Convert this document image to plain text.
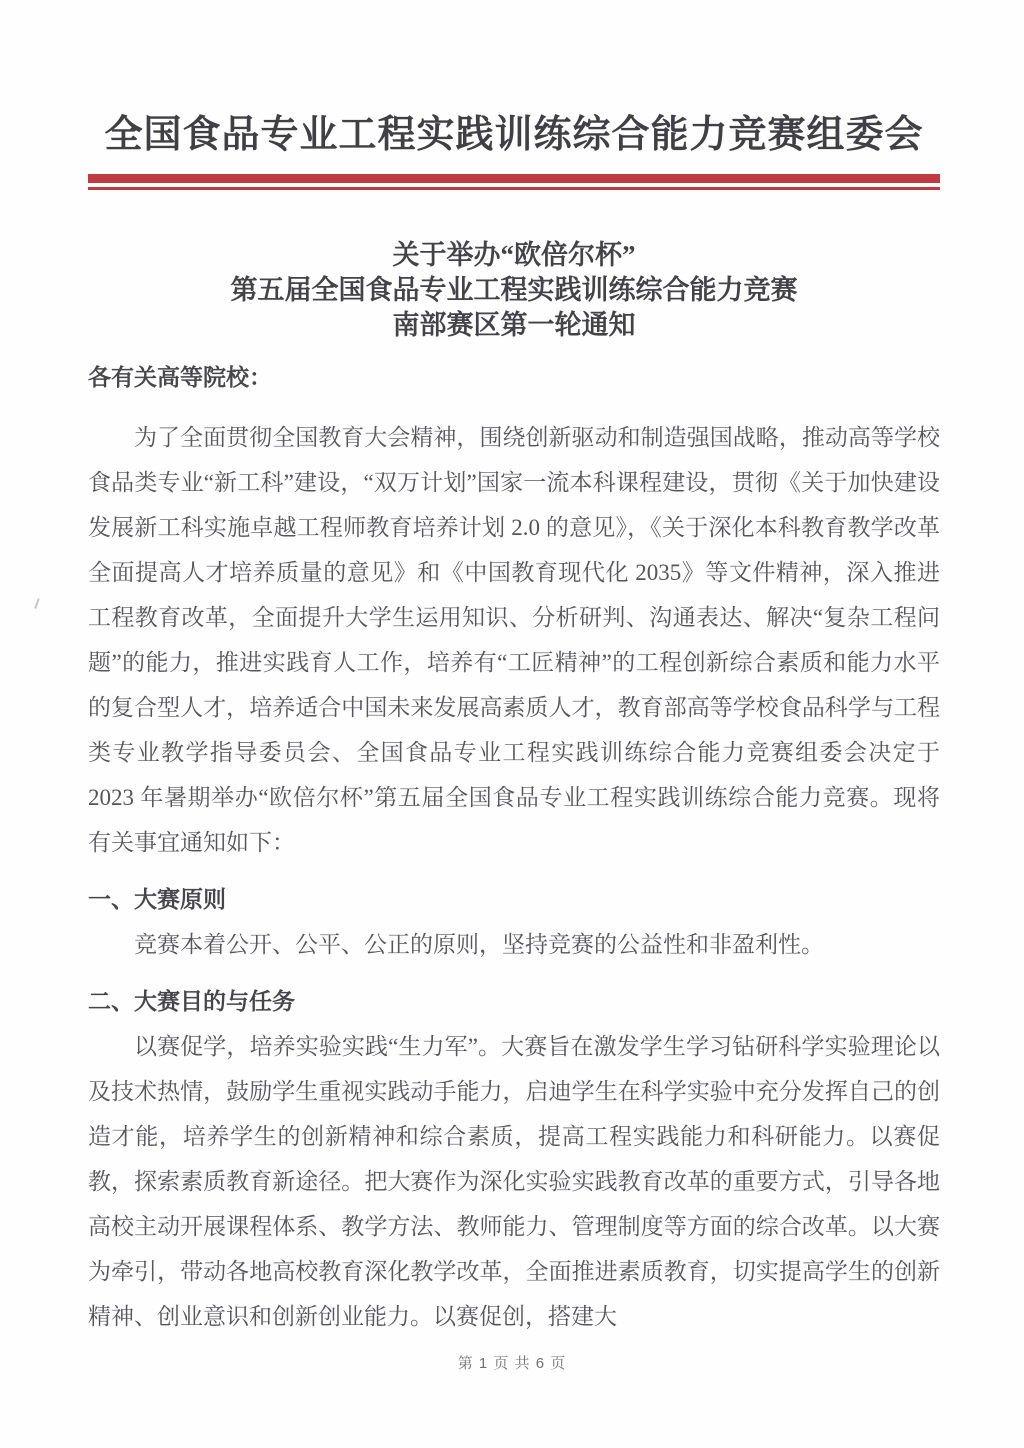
全国食品专业工程实践训练综合能力竞赛组委会
关于举办“欧倍尔杯”
第五届全国食品专业工程实践训练综合能力竞赛
南部赛区第一轮通知

各有关高等院校：

为了全面贯彻全国教育大会精神，围绕创新驱动和制造强国战略，推动高等学校食品类专业“新工科”建设，“双万计划”国家一流本科课程建设，贯彻《关于加快建设发展新工科实施卓越工程师教育培养计划 2.0 的意见》，《关于深化本科教育教学改革全面提高人才培养质量的意见》和《中国教育现代化 2035》等文件精神，深入推进工程教育改革，全面提升大学生运用知识、分析研判、沟通表达、解决“复杂工程问题”的能力，推进实践育人工作，培养有“工匠精神”的工程创新综合素质和能力水平的复合型人才，培养适合中国未来发展高素质人才，教育部高等学校食品科学与工程类专业教学指导委员会、全国食品专业工程实践训练综合能力竞赛组委会决定于 2023 年暑期举办“欧倍尔杯”第五届全国食品专业工程实践训练综合能力竞赛。现将有关事宜通知如下：

一、大赛原则

竞赛本着公开、公平、公正的原则，坚持竞赛的公益性和非盈利性。

二、大赛目的与任务

以赛促学，培养实验实践“生力军”。大赛旨在激发学生学习钻研科学实验理论以及技术热情，鼓励学生重视实践动手能力，启迪学生在科学实验中充分发挥自己的创造才能，培养学生的创新精神和综合素质，提高工程实践能力和科研能力。以赛促教，探索素质教育新途径。把大赛作为深化实验实践教育改革的重要方式，引导各地高校主动开展课程体系、教学方法、教师能力、管理制度等方面的综合改革。以大赛为牵引，带动各地高校教育深化教学改革，全面推进素质教育，切实提高学生的创新精神、创业意识和创新创业能力。以赛促创，搭建大

第 1 页 共 6 页
